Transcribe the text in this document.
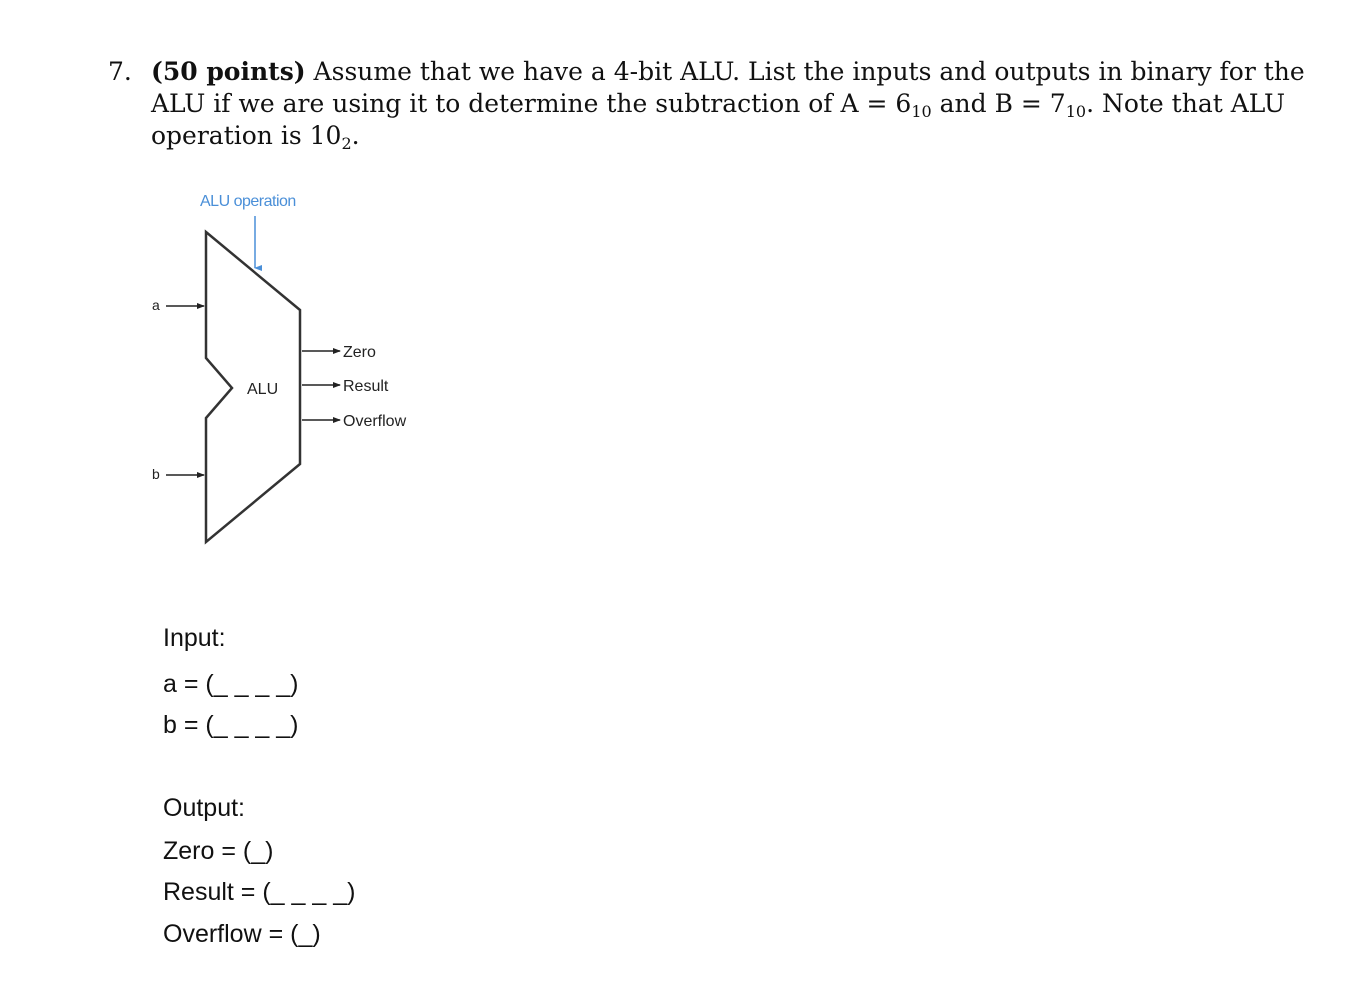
7. (50 points) Assume that we have a 4-bit ALU. List the inputs and outputs in binary for the ALU if we are using it to determine the subtraction of $A = 6_{10}$ and $B = 7_{10}$. Note that ALU operation is $10_2$.
ALU operation
ALU
a
b
Zero
Result
Overflow
Input:
a = (_ _ _ _)
b = (_ _ _ _)
Output:
Zero = (_)
Result = (_ _ _ _)
Overflow = (_)
